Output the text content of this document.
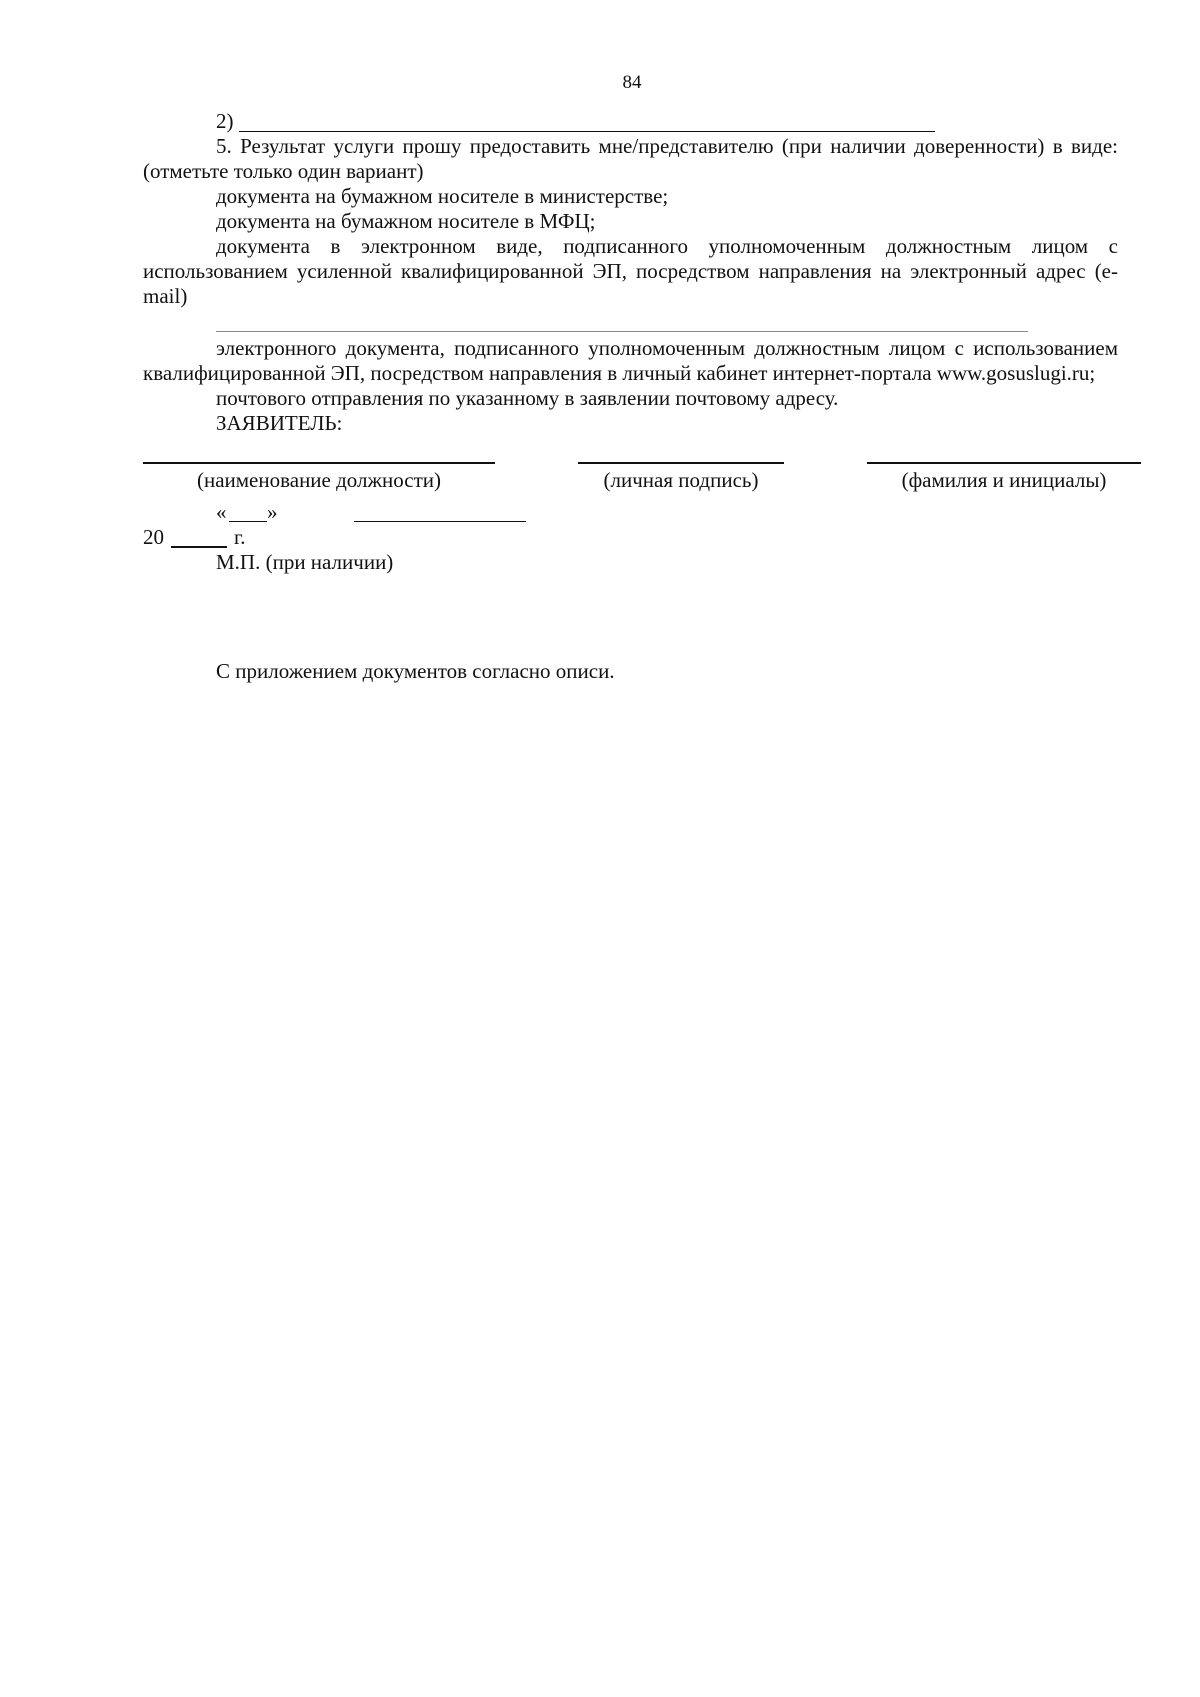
84
2)

5. Результат услуги прошу предоставить мне/представителю (при наличии доверенности) в виде: (отметьте только один вариант)

документа на бумажном носителе в министерстве;

документа на бумажном носителе в МФЦ;

документа в электронном виде, подписанного уполномоченным должностным лицом с использованием усиленной квалифицированной ЭП, посредством направления на электронный адрес (e-mail)

электронного документа, подписанного уполномоченным должностным лицом с использованием квалифицированной ЭП, посредством направления в личный кабинет интернет-портала www.gosuslugi.ru;

почтового отправления по указанному в заявлении почтовому адресу.

ЗАЯВИТЕЛЬ:

(наименование должности)	(личная подпись)	(фамилия и инициалы)
« »
20	г.

М.П. (при наличии)

С приложением документов согласно описи.
